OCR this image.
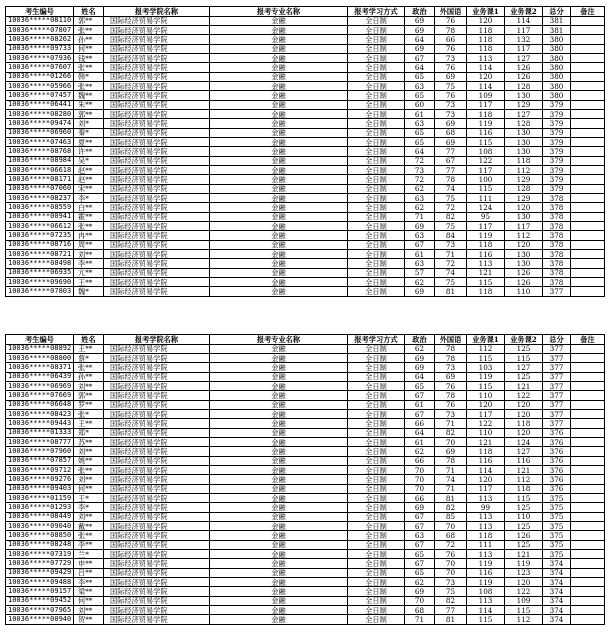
考生编号	姓名	报考学院名称	报考专业名称	报考学习方式	政治	外国语	业务课1	业务课2	总分	备注
10036*****08110	郭**	国际经济贸易学院	金融	全日制	69	76	120	114	381	
10036*****07807	张**	国际经济贸易学院	金融	全日制	69	78	118	117	381	
10036*****08262	孙**	国际经济贸易学院	金融	全日制	64	66	118	132	380	
10036*****09733	何**	国际经济贸易学院	金融	全日制	69	76	118	117	380	
10036*****07936	钱**	国际经济贸易学院	金融	全日制	67	73	113	127	380	
10036*****07607	张**	国际经济贸易学院	金融	全日制	64	76	114	126	380	
10036*****01266	韩*	国际经济贸易学院	金融	全日制	65	69	120	126	380	
10036*****05966	张**	国际经济贸易学院	金融	全日制	63	75	114	128	380	
10036*****07457	魏**	国际经济贸易学院	金融	全日制	65	76	109	130	380	
10036*****06441	朱**	国际经济贸易学院	金融	全日制	60	73	117	129	379	
10036*****08280	郭**	国际经济贸易学院	金融	全日制	61	73	118	127	379	
10036*****09474	刘*	国际经济贸易学院	金融	全日制	63	69	119	128	379	
10036*****06960	秦*	国际经济贸易学院	金融	全日制	65	68	116	130	379	
10036*****07463	夏**	国际经济贸易学院	金融	全日制	65	69	115	130	379	
10036*****08768	许**	国际经济贸易学院	金融	全日制	64	77	108	130	379	
10036*****08984	吴*	国际经济贸易学院	金融	全日制	72	67	122	118	379	
10036*****06618	赵**	国际经济贸易学院	金融	全日制	73	77	117	112	379	
10036*****08171	赵**	国际经济贸易学院	金融	全日制	72	78	100	129	379	
10036*****07060	宋**	国际经济贸易学院	金融	全日制	62	74	115	128	379	
10036*****08237	李*	国际经济贸易学院	金融	全日制	63	75	111	129	378	
10036*****08559	白**	国际经济贸易学院	金融	全日制	62	72	124	120	378	
10036*****00941	霍**	国际经济贸易学院	金融	全日制	71	82	95	130	378	
10036*****06612	张**	国际经济贸易学院	金融	全日制	69	75	117	117	378	
10036*****07235	冉**	国际经济贸易学院	金融	全日制	63	84	119	112	378	
10036*****08716	周**	国际经济贸易学院	金融	全日制	67	73	118	120	378	
10036*****08721	刘**	国际经济贸易学院	金融	全日制	61	71	116	130	378	
10036*****08498	李**	国际经济贸易学院	金融	全日制	63	72	113	130	378	
10036*****06935	亢**	国际经济贸易学院	金融	全日制	57	74	121	126	378	
10036*****09690	王**	国际经济贸易学院	金融	全日制	62	75	115	126	378	
10036*****07803	魏*	国际经济贸易学院	金融	全日制	69	81	118	110	377	
考生编号	姓名	报考学院名称	报考专业名称	报考学习方式	政治	外国语	业务课1	业务课2	总分	备注
10036*****08892	王**	国际经济贸易学院	金融	全日制	62	78	112	125	377	
10036*****08800	蔡*	国际经济贸易学院	金融	全日制	69	78	115	115	377	
10036*****08371	张**	国际经济贸易学院	金融	全日制	69	73	103	127	377	
10036*****06439	孙**	国际经济贸易学院	金融	全日制	64	69	119	125	377	
10036*****06969	刘**	国际经济贸易学院	金融	全日制	65	76	115	121	377	
10036*****07669	郭**	国际经济贸易学院	金融	全日制	67	78	110	122	377	
10036*****06648	罗**	国际经济贸易学院	金融	全日制	61	76	120	120	377	
10036*****08423	张*	国际经济贸易学院	金融	全日制	67	73	117	120	377	
10036*****09443	王**	国际经济贸易学院	金融	全日制	66	71	122	118	377	
10036*****01333	郑*	国际经济贸易学院	金融	全日制	64	82	110	120	376	
10036*****08777	苏**	国际经济贸易学院	金融	全日制	61	70	121	124	376	
10036*****07960	刘**	国际经济贸易学院	金融	全日制	62	69	118	127	376	
10036*****07857	姚**	国际经济贸易学院	金融	全日制	66	78	116	116	376	
10036*****09712	张**	国际经济贸易学院	金融	全日制	70	71	114	121	376	
10036*****09276	刘**	国际经济贸易学院	金融	全日制	70	74	120	112	376	
10036*****09403	何**	国际经济贸易学院	金融	全日制	70	71	117	118	376	
10036*****01159	王*	国际经济贸易学院	金融	全日制	66	81	113	115	375	
10036*****01293	李*	国际经济贸易学院	金融	全日制	69	82	99	125	375	
10036*****08449	刘**	国际经济贸易学院	金融	全日制	67	85	113	110	375	
10036*****09040	戴**	国际经济贸易学院	金融	全日制	67	70	113	125	375	
10036*****08850	张**	国际经济贸易学院	金融	全日制	63	68	118	126	375	
10036*****08248	李**	国际经济贸易学院	金融	全日制	67	72	111	125	375	
10036*****07319	兰*	国际经济贸易学院	金融	全日制	65	76	113	121	375	
10036*****07729	申**	国际经济贸易学院	金融	全日制	67	70	119	119	374	
10036*****09429	吕**	国际经济贸易学院	金融	全日制	65	70	116	123	374	
10036*****09488	李**	国际经济贸易学院	金融	全日制	62	73	119	120	374	
10036*****09157	梁**	国际经济贸易学院	金融	全日制	69	75	108	122	374	
10036*****09452	何**	国际经济贸易学院	金融	全日制	70	82	113	109	374	
10036*****07965	刘**	国际经济贸易学院	金融	全日制	68	77	114	115	374	
10036*****00940	贺**	国际经济贸易学院	金融	全日制	71	81	115	112	374	
